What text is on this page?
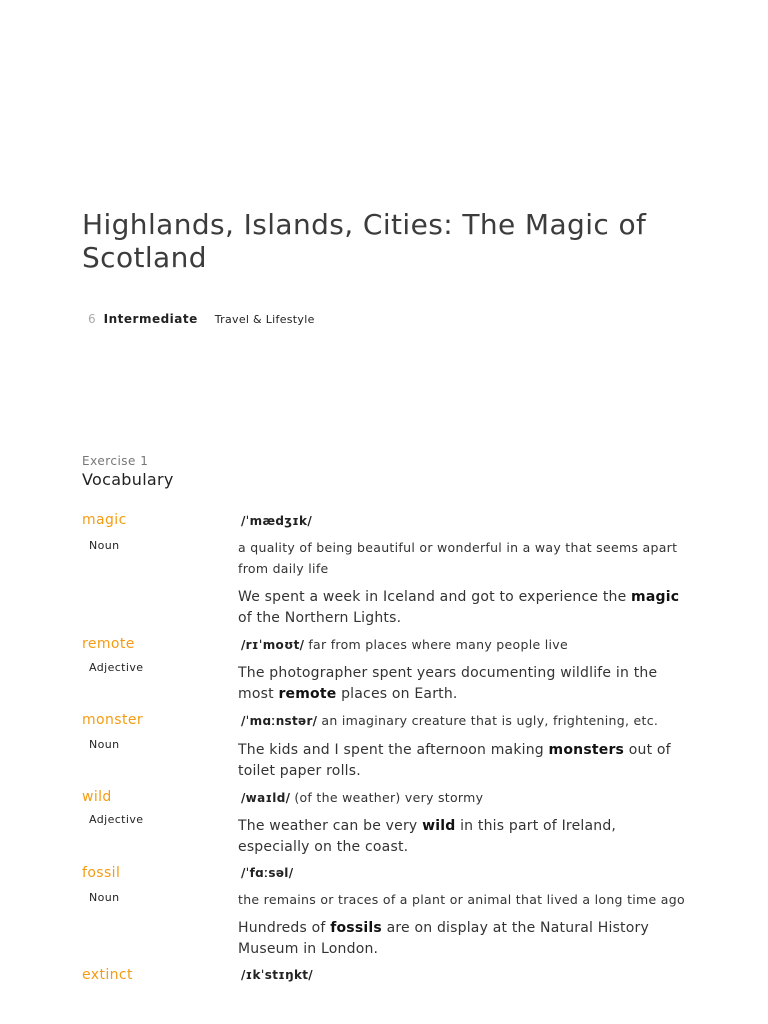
Highlands, Islands, Cities: The Magic of Scotland
6 Intermediate Travel & Lifestyle
Exercise 1
Vocabulary
magic	/ˈmædʒɪk/
Noun	a quality of being beautiful or wonderful in a way that seems apart from daily life
We spent a week in Iceland and got to experience the magic of the Northern Lights.
remote	/rɪˈmoʊt/ far from places where many people live
Adjective	The photographer spent years documenting wildlife in the most remote places on Earth.
monster	/ˈmɑːnstər/ an imaginary creature that is ugly, frightening, etc.
Noun	The kids and I spent the afternoon making monsters out of toilet paper rolls.
wild	/waɪld/ (of the weather) very stormy
Adjective	The weather can be very wild in this part of Ireland, especially on the coast.
fossil	/ˈfɑːsəl/
Noun	the remains or traces of a plant or animal that lived a long time ago
Hundreds of fossils are on display at the Natural History Museum in London.
extinct	/ɪkˈstɪŋkt/
